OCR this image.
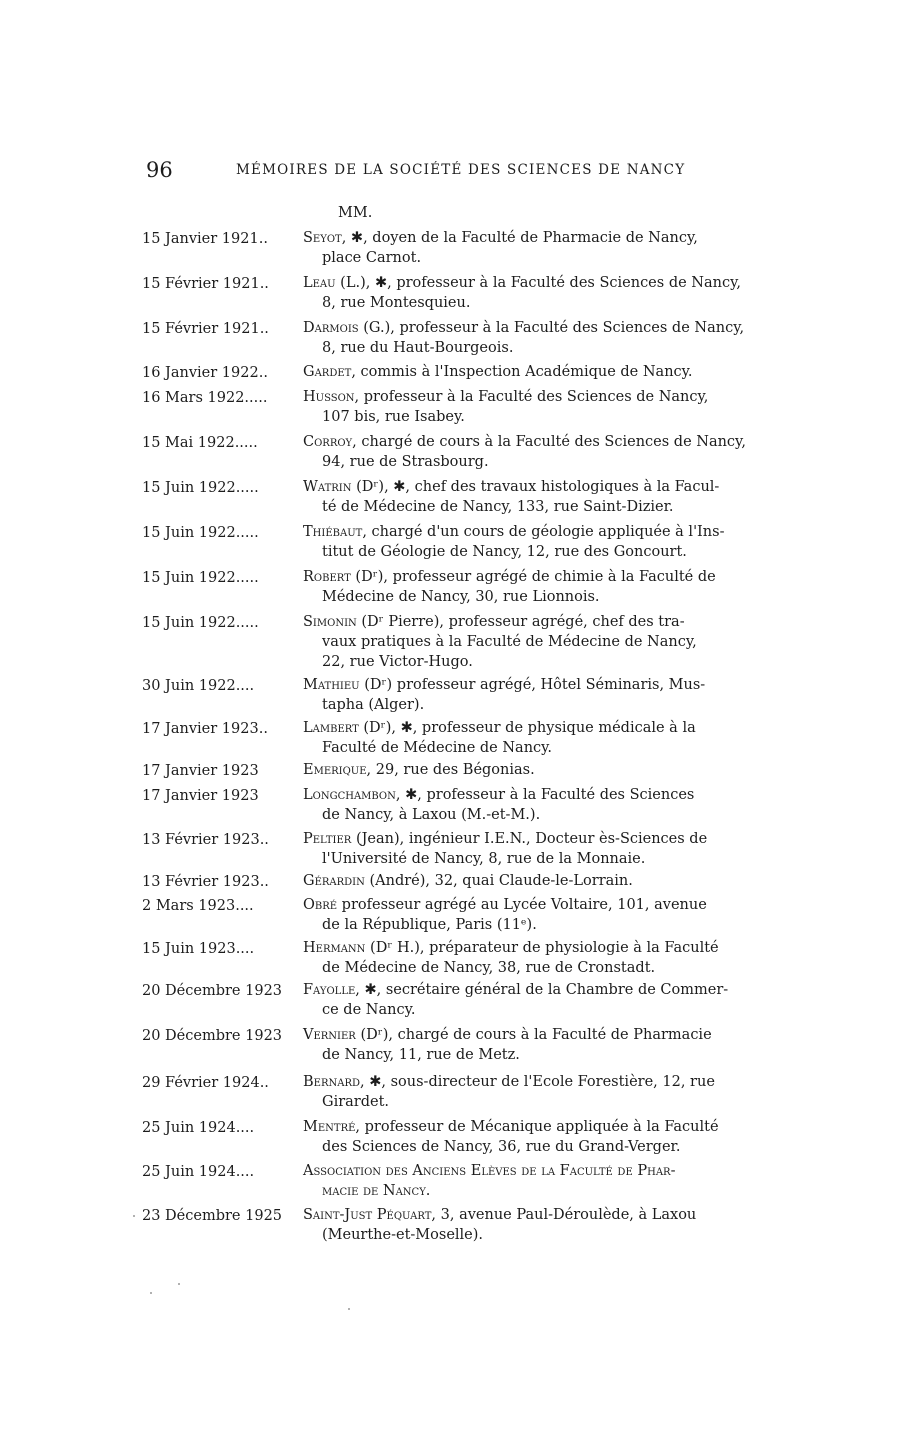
96	MÉMOIRES DE LA SOCIÉTÉ DES SCIENCES DE NANCY
MM.
15 Janvier 1921..	Seyot, ✱, doyen de la Faculté de Pharmacie de Nancy,
place Carnot.
15 Février 1921..	Leau (L.), ✱, professeur à la Faculté des Sciences de Nancy,
8, rue Montesquieu.
15 Février 1921..	Darmois (G.), professeur à la Faculté des Sciences de Nancy,
8, rue du Haut-Bourgeois.
16 Janvier 1922..	Gardet, commis à l'Inspection Académique de Nancy.
16 Mars 1922.....	Husson, professeur à la Faculté des Sciences de Nancy,
107 bis, rue Isabey.
15 Mai 1922.....	Corroy, chargé de cours à la Faculté des Sciences de Nancy,
94, rue de Strasbourg.
15 Juin 1922.....	Watrin (Dʳ), ✱, chef des travaux histologiques à la Facul-
té de Médecine de Nancy, 133, rue Saint-Dizier.
15 Juin 1922.....	Thiébaut, chargé d'un cours de géologie appliquée à l'Ins-
titut de Géologie de Nancy, 12, rue des Goncourt.
15 Juin 1922.....	Robert (Dʳ), professeur agrégé de chimie à la Faculté de
Médecine de Nancy, 30, rue Lionnois.
15 Juin 1922.....	Simonin (Dʳ Pierre), professeur agrégé, chef des tra-
vaux pratiques à la Faculté de Médecine de Nancy,
22, rue Victor-Hugo.
30 Juin 1922....	Mathieu (Dʳ) professeur agrégé, Hôtel Séminaris, Mus-
tapha (Alger).
17 Janvier 1923..	Lambert (Dʳ), ✱, professeur de physique médicale à la
Faculté de Médecine de Nancy.
17 Janvier 1923	Emerique, 29, rue des Bégonias.
17 Janvier 1923	Longchambon, ✱, professeur à la Faculté des Sciences
de Nancy, à Laxou (M.-et-M.).
13 Février 1923..	Peltier (Jean), ingénieur I.E.N., Docteur ès-Sciences de
l'Université de Nancy, 8, rue de la Monnaie.
13 Février 1923..	Gérardin (André), 32, quai Claude-le-Lorrain.
2 Mars 1923....	Obré professeur agrégé au Lycée Voltaire, 101, avenue
de la République, Paris (11ᵉ).
15 Juin 1923....	Hermann (Dʳ H.), préparateur de physiologie à la Faculté
de Médecine de Nancy, 38, rue de Cronstadt.
20 Décembre 1923	Fayolle, ✱, secrétaire général de la Chambre de Commer-
ce de Nancy.
20 Décembre 1923	Vernier (Dʳ), chargé de cours à la Faculté de Pharmacie
de Nancy, 11, rue de Metz.
29 Février 1924..	Bernard, ✱, sous-directeur de l'Ecole Forestière, 12, rue
Girardet.
25 Juin 1924....	Mentré, professeur de Mécanique appliquée à la Faculté
des Sciences de Nancy, 36, rue du Grand-Verger.
25 Juin 1924....	Association des Anciens Elèves de la Faculté de Phar-
macie de Nancy.
23 Décembre 1925	Saint-Just Péquart, 3, avenue Paul-Déroulède, à Laxou
(Meurthe-et-Moselle).
